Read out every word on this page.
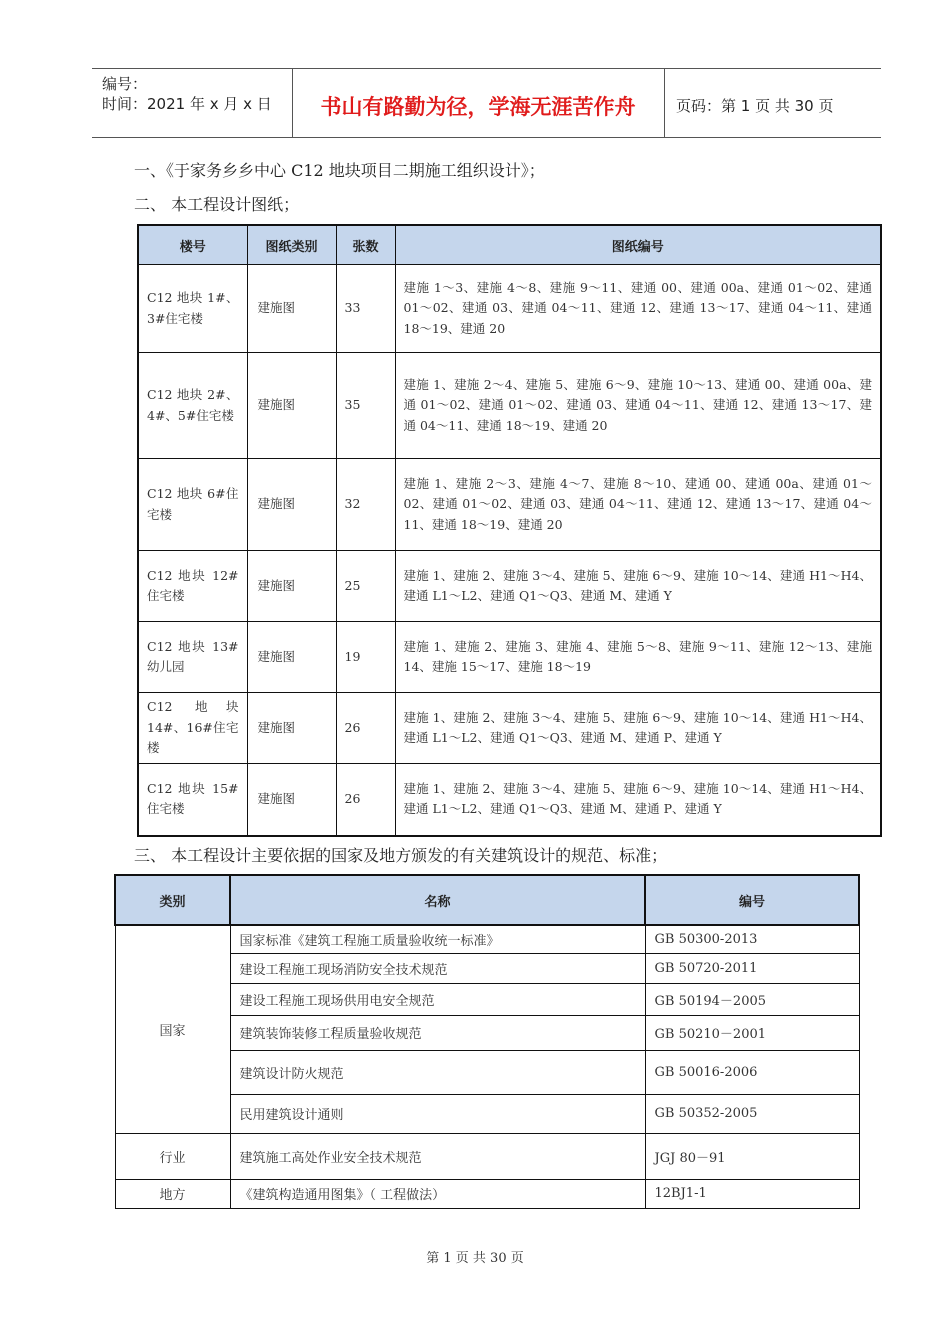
编号：
时间：2021 年 x 月 x 日	书山有路勤为径，学海无涯苦作舟	页码：第 1 页 共 30 页
一、《于家务乡乡中心 C12 地块项目二期施工组织设计》；
二、 本工程设计图纸；
楼号	图纸类别	张数	图纸编号
C12 地块 1#、3#住宅楼	建施图	33	建施 1～3、建施 4～8、建施 9～11、建通 00、建通 00a、建通 01～02、建通 01～02、建通 03、建通 04～11、建通 12、建通 13～17、建通 04～11、建通 18～19、建通 20
C12 地块 2#、4#、5#住宅楼	建施图	35	建施 1、建施 2～4、建施 5、建施 6～9、建施 10～13、建通 00、建通 00a、建通 01～02、建通 01～02、建通 03、建通 04～11、建通 12、建通 13～17、建通 04～11、建通 18～19、建通 20
C12 地块 6#住宅楼	建施图	32	建施 1、建施 2～3、建施 4～7、建施 8～10、建通 00、建通 00a、建通 01～02、建通 01～02、建通 03、建通 04～11、建通 12、建通 13～17、建通 04～11、建通 18～19、建通 20
C12 地块 12#住宅楼	建施图	25	建施 1、建施 2、建施 3～4、建施 5、建施 6～9、建施 10～14、建通 H1～H4、建通 L1～L2、建通 Q1～Q3、建通 M、建通 Y
C12 地块 13#幼儿园	建施图	19	建施 1、建施 2、建施 3、建施 4、建施 5～8、建施 9～11、建施 12～13、建施 14、建施 15～17、建施 18～19
C12 地块 14#、16#住宅楼	建施图	26	建施 1、建施 2、建施 3～4、建施 5、建施 6～9、建施 10～14、建通 H1～H4、建通 L1～L2、建通 Q1～Q3、建通 M、建通 P、建通 Y
C12 地块 15#住宅楼	建施图	26	建施 1、建施 2、建施 3～4、建施 5、建施 6～9、建施 10～14、建通 H1～H4、建通 L1～L2、建通 Q1～Q3、建通 M、建通 P、建通 Y
三、 本工程设计主要依据的国家及地方颁发的有关建筑设计的规范、标准；
类别	名称	编号
国家	国家标准《建筑工程施工质量验收统一标准》	GB 50300-2013
	建设工程施工现场消防安全技术规范	GB 50720-2011
	建设工程施工现场供用电安全规范	GB 50194－2005
	建筑装饰装修工程质量验收规范	GB 50210－2001
	建筑设计防火规范	GB 50016-2006
	民用建筑设计通则	GB 50352-2005
行业	建筑施工高处作业安全技术规范	JGJ 80－91
地方	《建筑构造通用图集》（ 工程做法）	12BJ1-1
第 1 页 共 30 页
